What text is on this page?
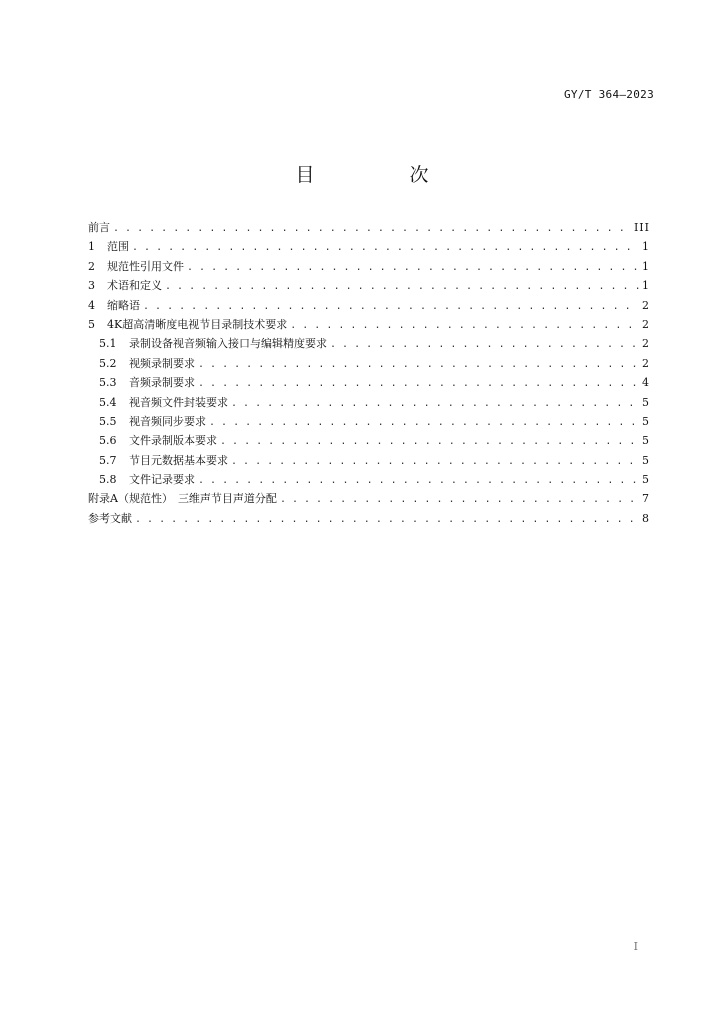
GY/T 364—2023
目　次
前言 . . .	III
1	范围 . . .	1
2	规范性引用文件 . . .	1
3	术语和定义 . . .	1
4	缩略语 . . .	2
5	4K超高清晰度电视节目录制技术要求 . . .	2
5.1	录制设备视音频输入接口与编辑精度要求 . . .	2
5.2	视频录制要求 . . .	2
5.3	音频录制要求 . . .	4
5.4	视音频文件封装要求 . . .	5
5.5	视音频同步要求 . . .	5
5.6	文件录制版本要求 . . .	5
5.7	节目元数据基本要求 . . .	5
5.8	文件记录要求 . . .	5
附录A（规范性） 三维声节目声道分配 . . .	7
参考文献 . . .	8
I
